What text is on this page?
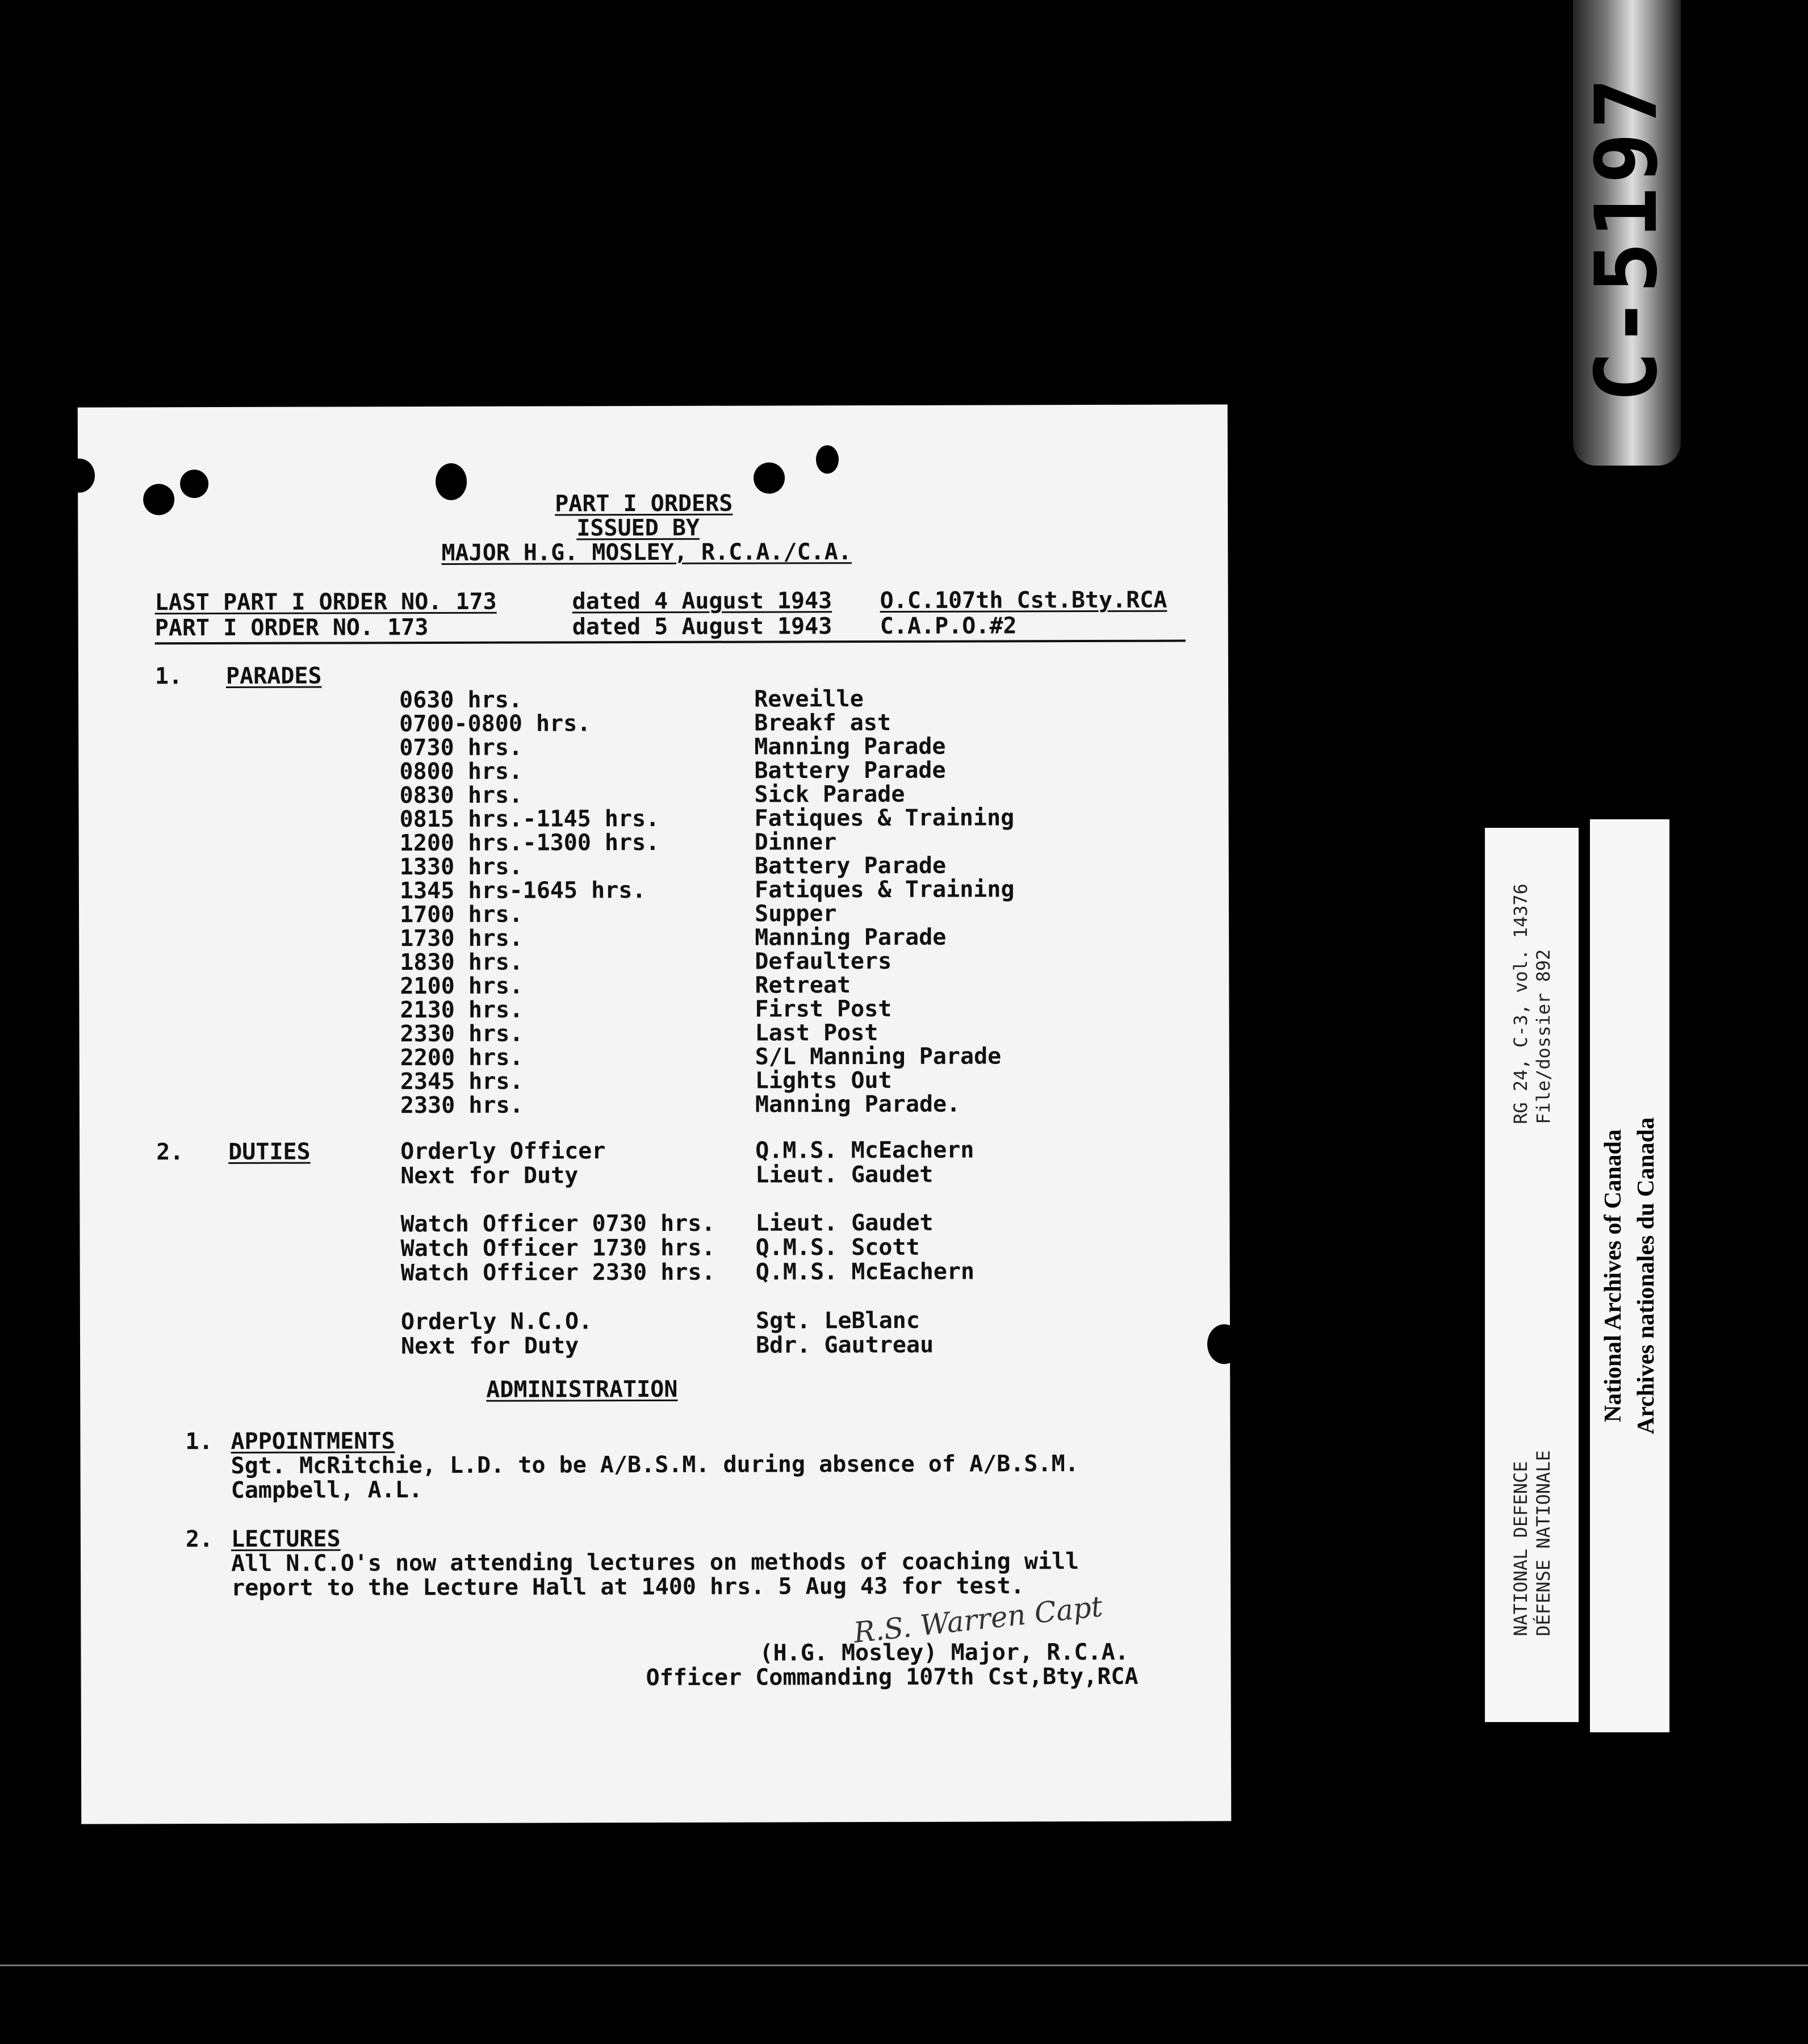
C-5197
RG 24, C-3, vol. 14376 File/dossier 892
NATIONAL DEFENCE DÉFENSE NATIONALE
National Archives of Canada Archives nationales du Canada
PART I ORDERS
ISSUED BY
MAJOR H.G. MOSLEY, R.C.A./C.A.
LAST PART I ORDER NO. 173	dated 4 August 1943 O.C.107th Cst.Bty.RCA
PART I ORDER NO. 173	dated 5 August 1943 C.A.P.O.#2
1. PARADES
0630 hrs.	Reveille
0700-0800 hrs.	Breakf ast
0730 hrs.	Manning Parade
0800 hrs.	Battery Parade
0830 hrs.	Sick Parade
0815 hrs.-1145 hrs.	Fatiques & Training
1200 hrs.-1300 hrs.	Dinner
1330 hrs.	Battery Parade
1345 hrs-1645 hrs.	Fatiques & Training
1700 hrs.	Supper
1730 hrs.	Manning Parade
1830 hrs.	Defaulters
2100 hrs.	Retreat
2130 hrs.	First Post
2330 hrs.	Last Post
2200 hrs.	S/L Manning Parade
2345 hrs.	Lights Out
2330 hrs.	Manning Parade.
2. DUTIES	Orderly Officer	Q.M.S. McEachern
Next for Duty	Lieut. Gaudet
Watch Officer 0730 hrs. Lieut. Gaudet
Watch Officer 1730 hrs. Q.M.S. Scott
Watch Officer 2330 hrs. Q.M.S. McEachern
Orderly N.C.O.	Sgt. LeBlanc
Next for Duty	Bdr. Gautreau
ADMINISTRATION
1. APPOINTMENTS
Sgt. McRitchie, L.D. to be A/B.S.M. during absence of A/B.S.M.
Campbell, A.L.
2. LECTURES
All N.C.O's now attending lectures on methods of coaching will
report to the Lecture Hall at 1400 hrs. 5 Aug 43 for test.
R.S. Warren Capt
(H.G. Mosley) Major, R.C.A.
Officer Commanding 107th Cst,Bty,RCA
